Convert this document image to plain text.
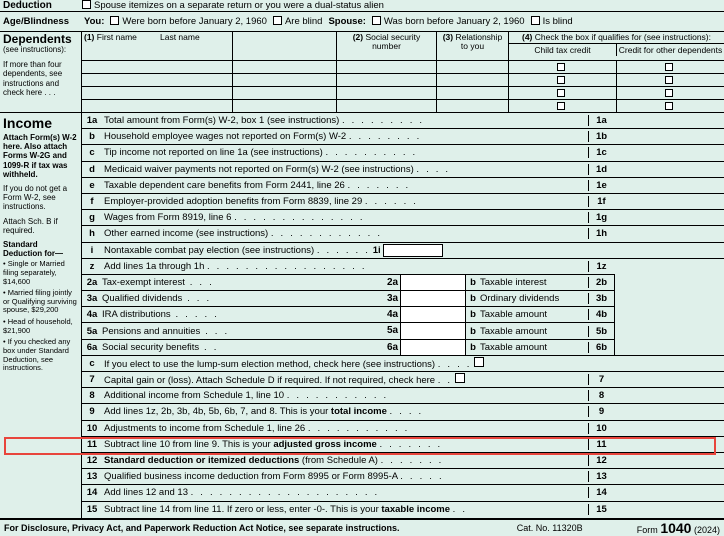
Deduction	Spouse itemizes on a separate return or you were a dual-status alien
Age/Blindness	You:	Were born before January 2, 1960	Are blind Spouse:	Was born before January 2, 1960	Is blind
Dependents
(see instructions):
(1) First name	Last name	(2) Social security number
(3) Relationship to you
(4) Check the box if qualifies for (see instructions):
Child tax credit	Credit for other dependents
If more than four dependents, see instructions and check here . . .
Income

Attach Form(s) W-2 here. Also attach Forms W-2G and 1099-R if tax was withheld.

If you do not get a Form W-2, see instructions.

Attach Sch. B if required.

Standard Deduction for—

• Single or Married filing separately, $14,600
• Married filing jointly or Qualifying surviving spouse, $29,200
• Head of household, $21,900
• If you checked any box under Standard Deduction, see instructions.
1a Total amount from Form(s) W-2, box 1 (see instructions) . . . . . . . . .	1a
b Household employee wages not reported on Form(s) W-2 . . . . . . . .	1b
c Tip income not reported on line 1a (see instructions) . . . . . . . . . .	1c
d Medicaid waiver payments not reported on Form(s) W-2 (see instructions) . . . .	1d
e Taxable dependent care benefits from Form 2441, line 26 . . . . . . .	1e
f	Employer-provided adoption benefits from Form 8839, line 29 . . . . . .	1f
g Wages from Form 8919, line 6 . . . . . . . . . . . . . .	1g
h Other earned income (see instructions) . . . . . . . . . . . .	1h
i	Nontaxable combat pay election (see instructions) . . . . . . 1i
z	Add lines 1a through 1h . . . . . . . . . . . . . . . . .	1z
2a Tax-exempt interest . . .	2a	b Taxable interest	2b
3a Qualified dividends . . .	3a	b Ordinary dividends	3b
4a IRA distributions . . . . .	4a	b Taxable amount	4b
5a Pensions and annuities . . .	5a	b Taxable amount	5b
6a Social security benefits . .	6a	b Taxable amount	6b
c If you elect to use the lump-sum election method, check here (see instructions) . . . .
7 Capital gain or (loss). Attach Schedule D if required. If not required, check here . .	7
8 Additional income from Schedule 1, line 10 . . . . . . . . . . .	8
9 Add lines 1z, 2b, 3b, 4b, 5b, 6b, 7, and 8. This is your total income . . . .	9
10 Adjustments to income from Schedule 1, line 26 . . . . . . . . . . .	10
11 Subtract line 10 from line 9. This is your adjusted gross income . . . . . . .	11
12 Standard deduction or itemized deductions (from Schedule A) . . . . . . .	12
13 Qualified business income deduction from Form 8995 or Form 8995-A . . . . .	13
14 Add lines 12 and 13 . . . . . . . . . . . . . . . . . . . .	14
15 Subtract line 14 from line 11. If zero or less, enter -0-. This is your taxable income . .	15
For Disclosure, Privacy Act, and Paperwork Reduction Act Notice, see separate instructions.	Cat. No. 11320B	Form 1040 (2024)
